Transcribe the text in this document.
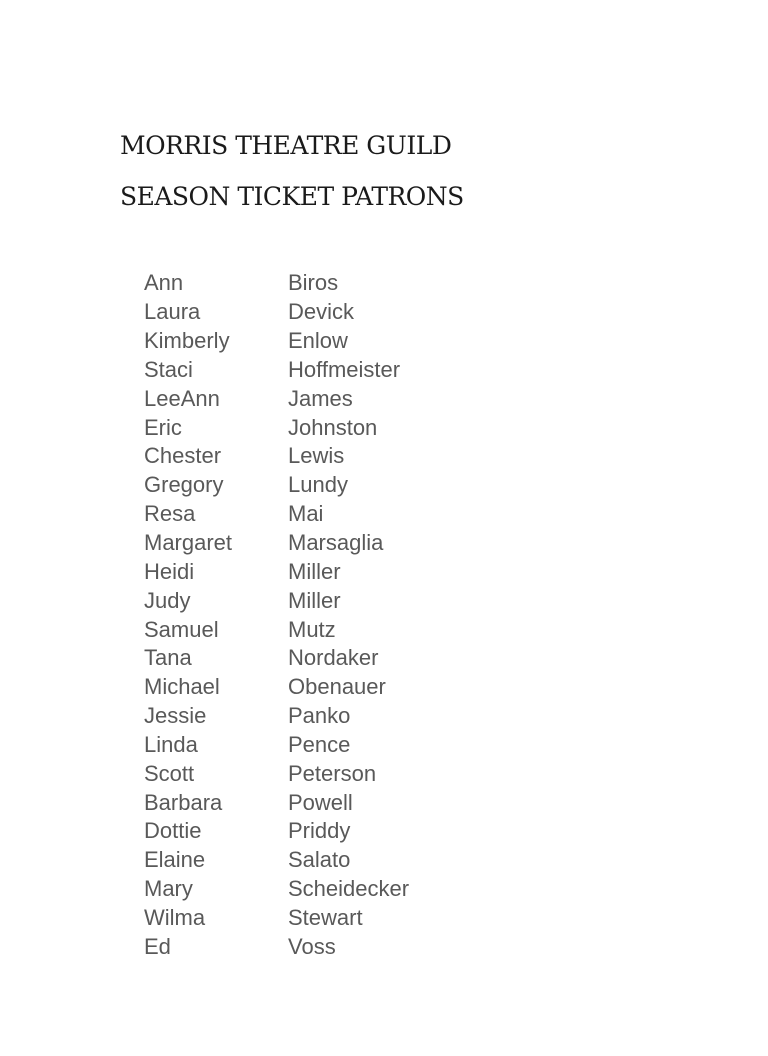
MORRIS THEATRE GUILD
SEASON TICKET PATRONS
Ann	Biros
Laura	Devick
Kimberly	Enlow
Staci	Hoffmeister
LeeAnn	James
Eric	Johnston
Chester	Lewis
Gregory	Lundy
Resa	Mai
Margaret	Marsaglia
Heidi	Miller
Judy	Miller
Samuel	Mutz
Tana	Nordaker
Michael	Obenauer
Jessie	Panko
Linda	Pence
Scott	Peterson
Barbara	Powell
Dottie	Priddy
Elaine	Salato
Mary	Scheidecker
Wilma	Stewart
Ed	Voss
